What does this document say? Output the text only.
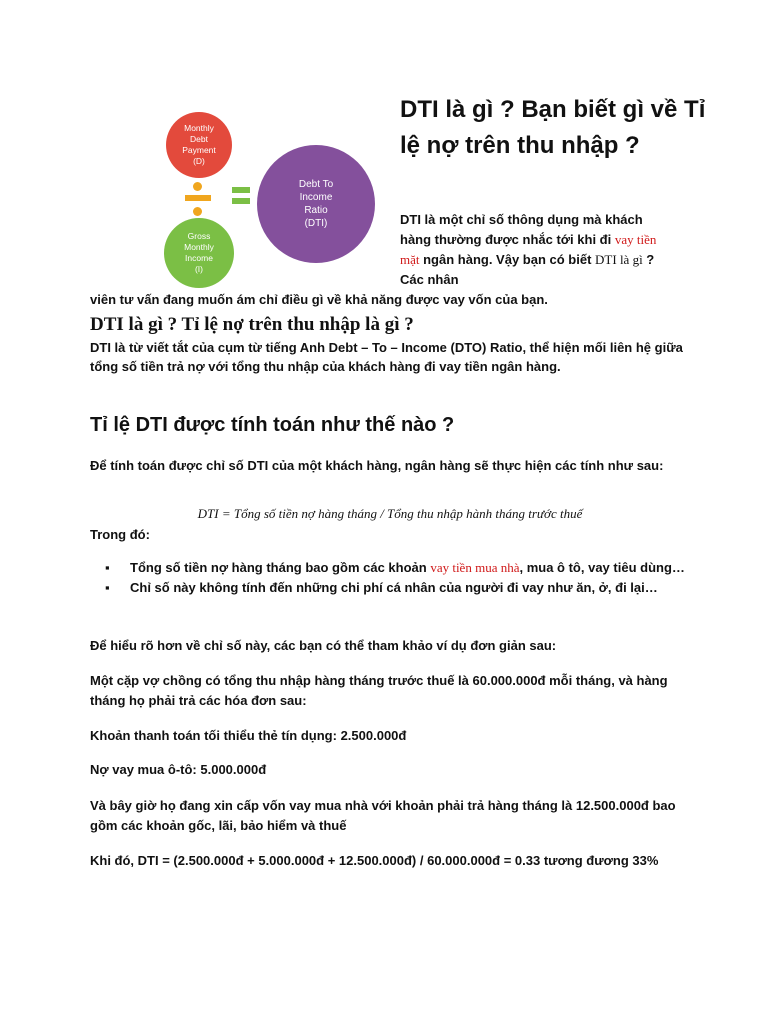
Monthly
Debt
Payment
(D)
Gross
Monthly
Income
(I)
Debt To
Income
Ratio
(DTI)
DTI là gì ? Bạn biết gì về Tỉ lệ nợ trên thu nhập ?
DTI là một chỉ số thông dụng mà khách hàng thường được nhắc tới khi đi vay tiền mặt ngân hàng. Vậy bạn có biết DTI là gì ? Các nhân
viên tư vấn đang muốn ám chỉ điều gì về khả năng được vay vốn của bạn.
DTI là gì ? Tỉ lệ nợ trên thu nhập là gì ?
DTI là từ viết tắt của cụm từ tiếng Anh Debt – To – Income (DTO) Ratio, thể hiện mối liên hệ giữa tổng số tiền trả nợ với tổng thu nhập của khách hàng đi vay tiền ngân hàng.
Tỉ lệ DTI được tính toán như thế nào ?
Để tính toán được chỉ số DTI của một khách hàng, ngân hàng sẽ thực hiện các tính như sau:
DTI = Tổng số tiền nợ hàng tháng / Tổng thu nhập hành tháng trước thuế
Trong đó:
▪ Tổng số tiền nợ hàng tháng bao gồm các khoản vay tiền mua nhà, mua ô tô, vay tiêu dùng…
▪ Chỉ số này không tính đến những chi phí cá nhân của người đi vay như ăn, ở, đi lại…
Để hiểu rõ hơn về chỉ số này, các bạn có thể tham khảo ví dụ đơn giản sau:
Một cặp vợ chồng có tổng thu nhập hàng tháng trước thuế là 60.000.000đ mỗi tháng, và hàng tháng họ phải trả các hóa đơn sau:
Khoản thanh toán tối thiểu thẻ tín dụng: 2.500.000đ
Nợ vay mua ô-tô: 5.000.000đ
Và bây giờ họ đang xin cấp vốn vay mua nhà với khoản phải trả hàng tháng là 12.500.000đ bao gồm các khoản gốc, lãi, bảo hiểm và thuế
Khi đó, DTI = (2.500.000đ + 5.000.000đ + 12.500.000đ) / 60.000.000đ = 0.33 tương đương 33%
